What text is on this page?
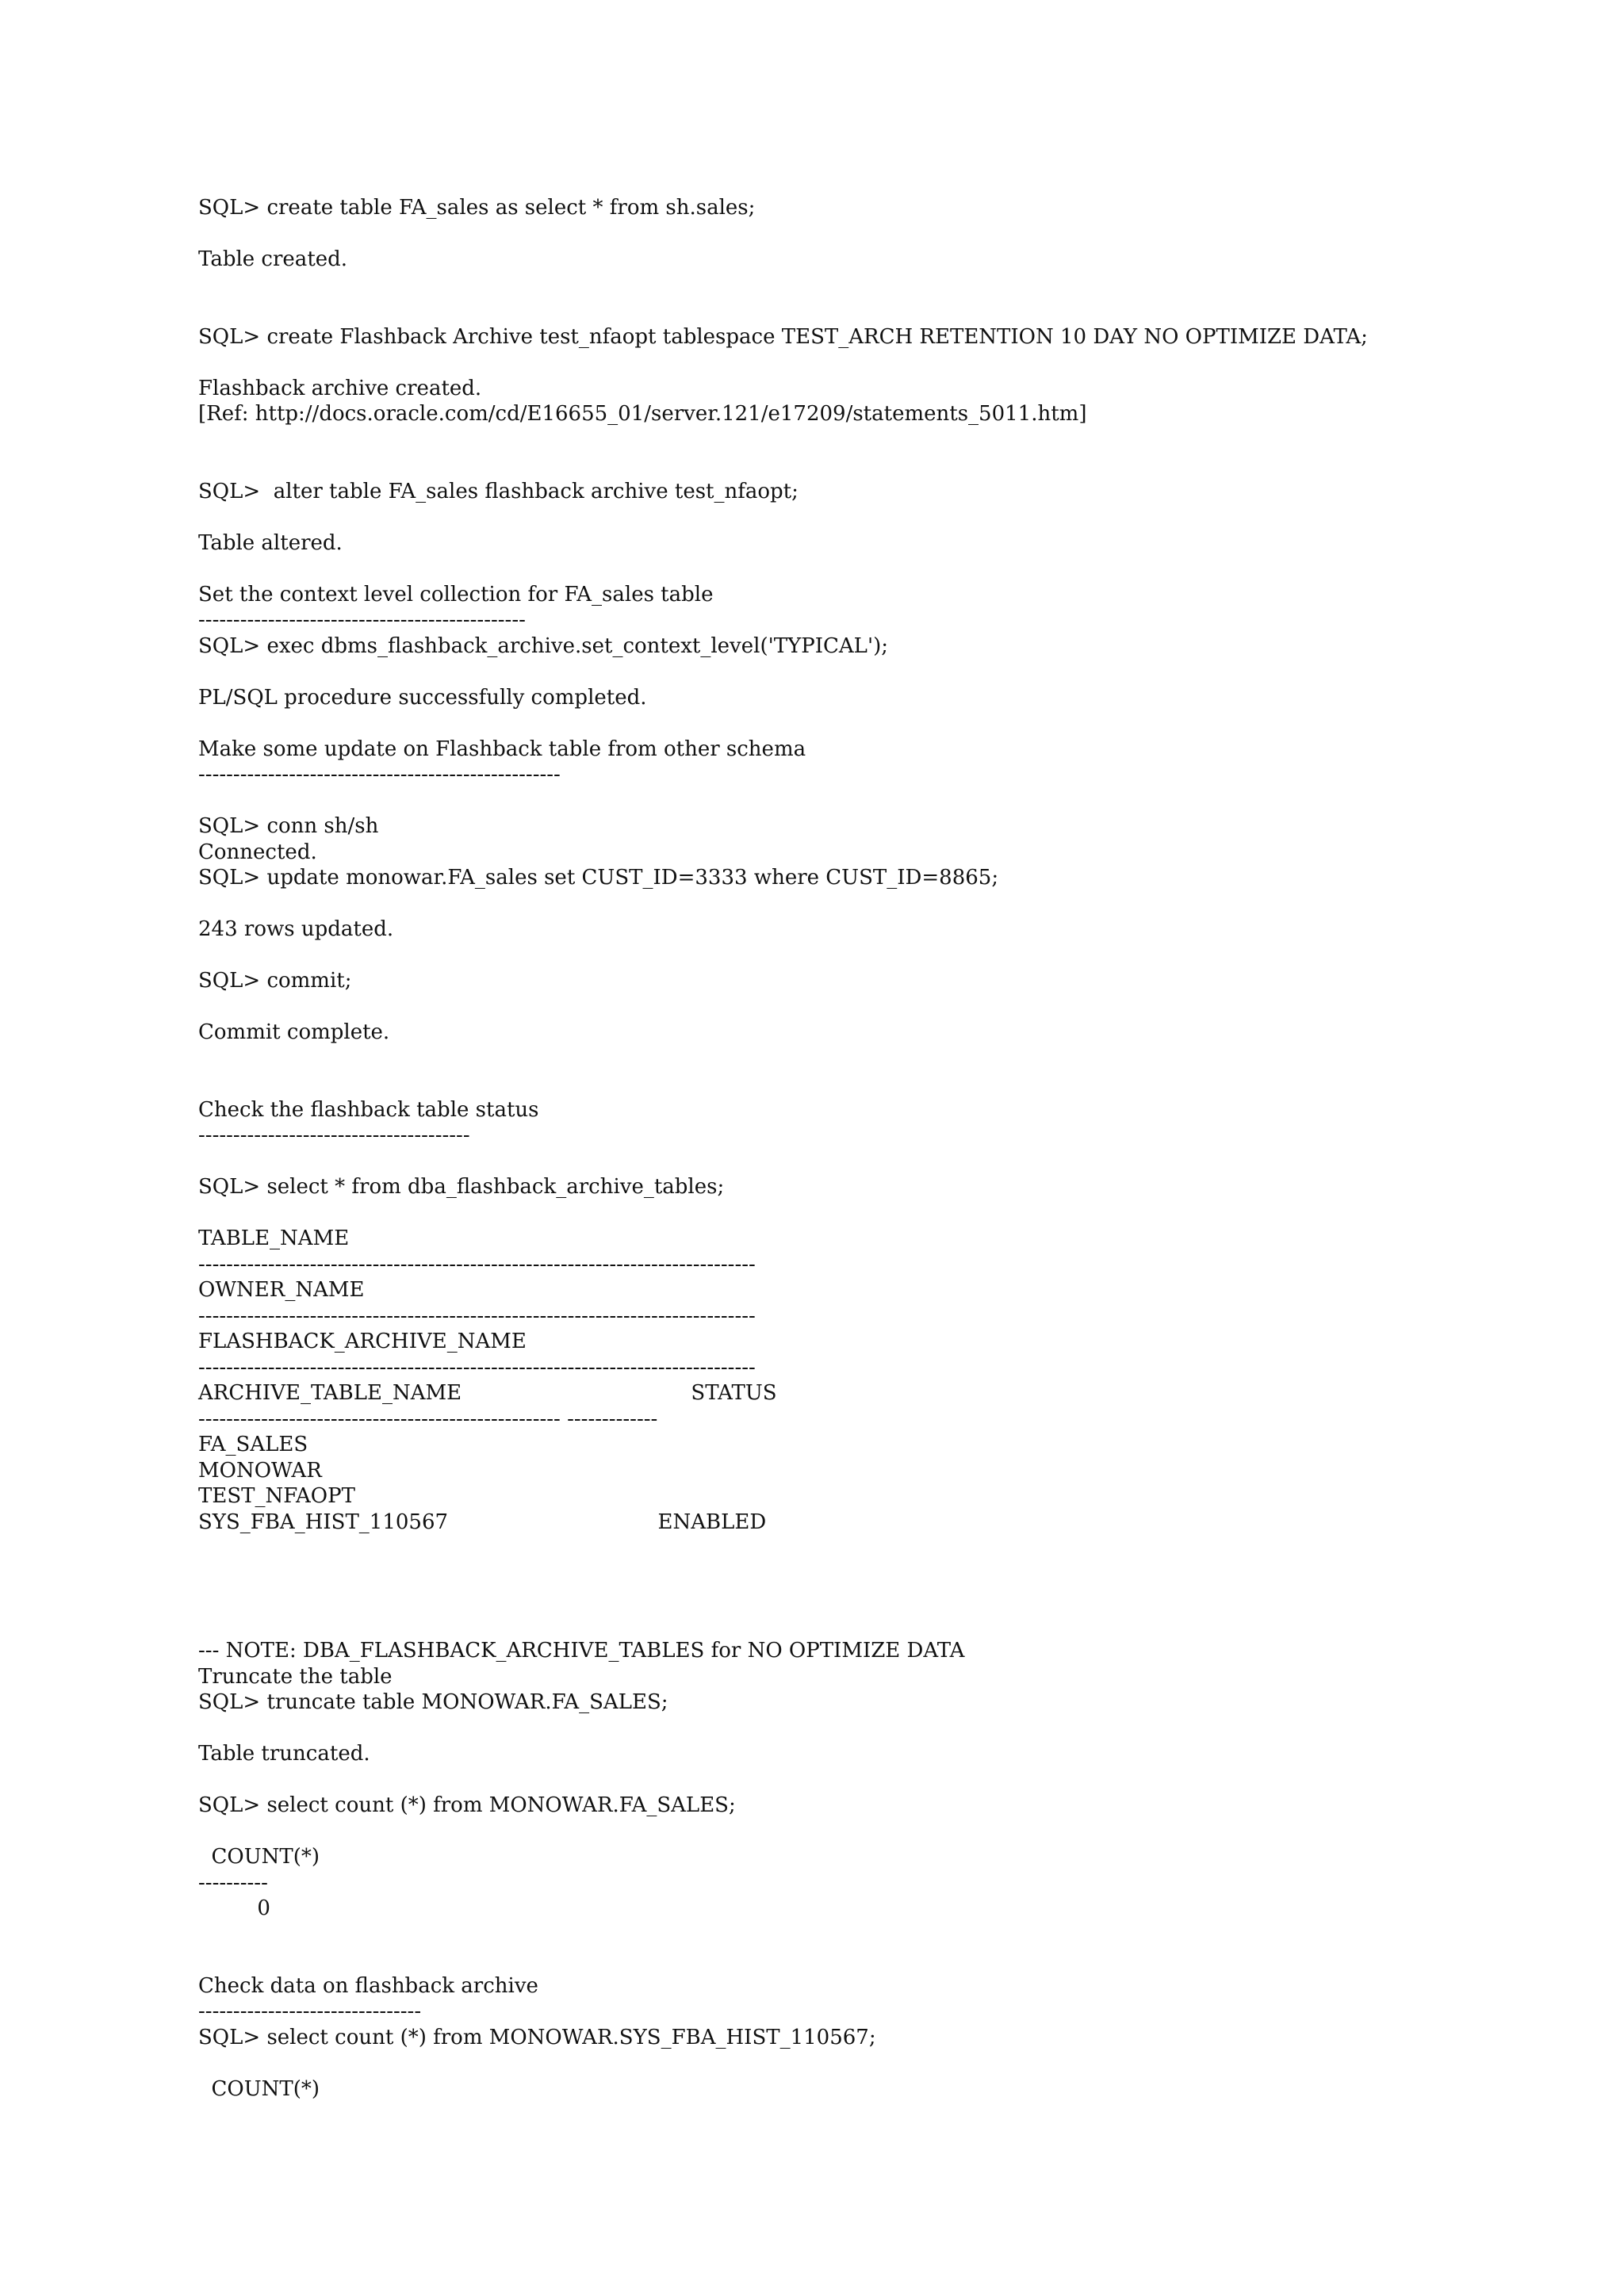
SQL> create table FA_sales as select * from sh.sales;
Table created.
SQL> create Flashback Archive test_nfaopt tablespace TEST_ARCH RETENTION 10 DAY NO OPTIMIZE DATA;
Flashback archive created.
[Ref: http://docs.oracle.com/cd/E16655_01/server.121/e17209/statements_5011.htm]
SQL>  alter table FA_sales flashback archive test_nfaopt;
Table altered.
Set the context level collection for FA_sales table
-----------------------------------------------
SQL> exec dbms_flashback_archive.set_context_level('TYPICAL');
PL/SQL procedure successfully completed.
Make some update on Flashback table from other schema
----------------------------------------------------
SQL> conn sh/sh
Connected.
SQL> update monowar.FA_sales set CUST_ID=3333 where CUST_ID=8865;
243 rows updated.
SQL> commit;
Commit complete.
Check the flashback table status
---------------------------------------
SQL> select * from dba_flashback_archive_tables;
TABLE_NAME
--------------------------------------------------------------------------------
OWNER_NAME
--------------------------------------------------------------------------------
FLASHBACK_ARCHIVE_NAME
--------------------------------------------------------------------------------
ARCHIVE_TABLE_NAME                                   STATUS
---------------------------------------------------- -------------
FA_SALES
MONOWAR
TEST_NFAOPT
SYS_FBA_HIST_110567                                ENABLED
--- NOTE: DBA_FLASHBACK_ARCHIVE_TABLES for NO OPTIMIZE DATA
Truncate the table
SQL> truncate table MONOWAR.FA_SALES;
Table truncated.
SQL> select count (*) from MONOWAR.FA_SALES;
COUNT(*)
----------
0
Check data on flashback archive
--------------------------------
SQL> select count (*) from MONOWAR.SYS_FBA_HIST_110567;
COUNT(*)
